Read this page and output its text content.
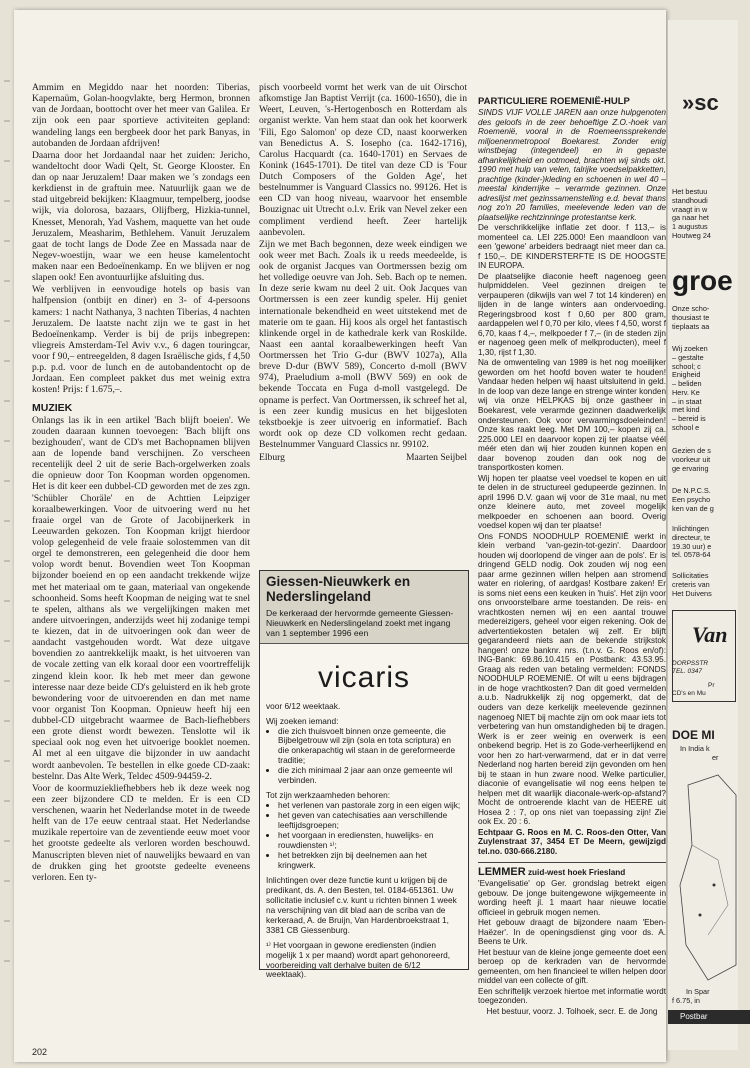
Ammim en Megiddo naar het noorden: Tiberias, Kapernaüm, Golan-hoogvlakte, berg Hermon, bronnen van de Jordaan, boottocht over het meer van Galilea. Er zijn ook een paar sportieve activiteiten gepland: wandeling langs een bergbeek door het park Banyas, in autobanden de Jordaan afdrijven!

Daarna door het Jordaandal naar het zuiden: Jericho, wandeltocht door Wadi Qelt, St. George Klooster. En dan op naar Jeruzalem! Daar maken we 's zondags een kerkdienst in de graftuin mee. Natuurlijk gaan we de stad uitgebreid bekijken: Klaagmuur, tempelberg, joodse wijk, via dolorosa, bazaars, Olijfberg, Hizkia-tunnel, Knesset, Menorah, Yad Vashem, maquette van het oude Jeruzalem, Measharim, Bethlehem. Vanuit Jeruzalem gaat de tocht langs de Dode Zee en Massada naar de Negev-woestijn, waar we een heuse kamelentocht maken naar een Bedoeïnenkamp. En we blijven er nog slapen ook! Een avontuurlijke afsluiting dus.

We verblijven in eenvoudige hotels op basis van halfpension (ontbijt en diner) en 3- of 4-persoons kamers: 1 nacht Nathanya, 3 nachten Tiberias, 4 nachten Jeruzalem. De laatste nacht zijn we te gast in het Bedoeïnenkamp. Verder is bij de prijs inbegrepen: vliegreis Amsterdam-Tel Aviv v.v., 6 dagen touringcar, voor f 90,– entreegelden, 8 dagen Israëlische gids, f 4,50 p.p. p.d. voor de lunch en de autobandentocht op de Jordaan. Een compleet pakket dus met weinig extra kosten! Prijs: f 1.675,–.

MUZIEK

Onlangs las ik in een artikel 'Bach blijft boeien'. We zouden daaraan kunnen toevoegen: 'Bach blijft ons bezighouden', want de CD's met Bachopnamen blijven aan de lopende band verschijnen. Zo verscheen recentelijk deel 2 uit de serie Bach-orgelwerken zoals die opnieuw door Ton Koopman worden opgenomen. Het is dit keer een dubbel-CD geworden met de zes zgn. 'Schübler Choräle' en de Achttien Leipziger koraalbewerkingen. Voor de uitvoering werd nu het fraaie orgel van de Grote of Jacobijnerkerk in Leeuwarden gekozen. Ton Koopman krijgt hierdoor volop gelegenheid de vele fraaie solostemmen van dit orgel te demonstreren, een gelegenheid die door hem volop wordt benut. Bovendien weet Ton Koopman bijzonder boeiend en op een aandacht trekkende wijze met het materiaal om te gaan, materiaal van ongekende schoonheid. Soms heeft Koopman de neiging wat te snel te spelen, althans als we vergelijkingen maken met andere uitvoeringen, anderzijds weet hij zodanige tempi te kiezen, dat in de uitvoeringen ook dan weer de aandacht vastgehouden wordt. Wat deze uitgave bovendien zo aantrekkelijk maakt, is het uitvoeren van de vocale zetting van elk koraal door een voortreffelijk zingend klein koor. Ik heb met meer dan gewone interesse naar deze beide CD's geluisterd en ik heb grote bewondering voor de uitvoerenden en dan met name voor organist Ton Koopman. Opnieuw heeft hij een dubbel-CD uitgebracht waarmee de Bach-liefhebbers een grote dienst wordt bewezen. Tenslotte wil ik speciaal ook nog even het uitvoerige booklet noemen. Al met al een uitgave die bijzonder in uw aandacht wordt aanbevolen. Te bestellen in elke goede CD-zaak: bestelnr. Das Alte Werk, Teldec 4509-94459-2.

Voor de koormuziekliefhebbers heb ik deze week nog een zeer bijzondere CD te melden. Er is een CD verschenen, waarin het Nederlandse motet in de tweede helft van de 17e eeuw centraal staat. Het Nederlandse muzikale repertoire van de zeventiende eeuw moet voor het grootste gedeelte als verloren worden beschouwd. Manuscripten bleven niet of nauwelijks bewaard en van de drukken ging het grootste gedeelte eveneens verloren. Een ty-

pisch voorbeeld vormt het werk van de uit Oirschot afkomstige Jan Baptist Verrijt (ca. 1600-1650), die in Weert, Leuven, 's-Hertogenbosch en Rotterdam als organist werkte. Van hem staat dan ook het koorwerk 'Fili, Ego Salomon' op deze CD, naast koorwerken van Benedictus A. S. Iosepho (ca. 1642-1716), Carolus Hacquardt (ca. 1640-1701) en Servaes de Konink (1645-1701). De titel van deze CD is 'Four Dutch Composers of the Golden Age', het bestelnummer is Vanguard Classics no. 99126. Het is een CD van hoog niveau, waarvoor het ensemble Bouzignac uit Utrecht o.l.v. Erik van Nevel zeker een compliment verdiend heeft. Zeer hartelijk aanbevolen.

Zijn we met Bach begonnen, deze week eindigen we ook weer met Bach. Zoals ik u reeds meedeelde, is ook de organist Jacques van Oortmerssen bezig om het volledige oeuvre van Joh. Seb. Bach op te nemen. In deze serie kwam nu deel 2 uit. Ook Jacques van Oortmerssen is een zeer kundig speler. Hij geniet internationale bekendheid en weet uitstekend met de materie om te gaan. Hij koos als orgel het fantastisch klinkende orgel in de kathedrale kerk van Roskilde. Naast een aantal koraalbewerkingen heeft Van Oortmerssen het Trio G-dur (BWV 1027a), Alla breve D-dur (BWV 589), Concerto d-moll (BWV 974), Praeludium a-moll (BWV 569) en ook de bekende Toccata en Fuga d-moll vastgelegd. De opname is perfect. Van Oortmerssen, ik schreef het al, is een zeer kundig musicus en het bijgesloten tekstboekje is zeer uitvoerig en informatief. Bach wordt ook op deze CD volkomen recht gedaan. Bestelnummer Vanguard Classics nr. 99102.

Elburg	Maarten Seijbel
Giessen-Nieuwkerk en Nederslingeland
De kerkeraad der hervormde gemeente Giessen-Nieuwkerk en Nederslingeland zoekt met ingang van 1 september 1996 een
vicaris
voor 6/12 weektaak.
Wij zoeken iemand:
• die zich thuisvoelt binnen onze gemeente, die Bijbelgetrouw wil zijn (sola en tota scriptura) en die onkerapachtig wil staan in de gereformeerde traditie;
• die zich minimaal 2 jaar aan onze gemeente wil verbinden.
Tot zijn werkzaamheden behoren:
• het verlenen van pastorale zorg in een eigen wijk;
• het geven van catechisaties aan verschillende leeftijdsgroepen;
• het voorgaan in erediensten, huwelijks- en rouwdiensten ¹⁾;
• het betrekken zijn bij deelnemen aan het kringwerk.
Inlichtingen over deze functie kunt u krijgen bij de predikant, ds. A. den Besten, tel. 0184-651361. Uw sollicitatie inclusief c.v. kunt u richten binnen 1 week na verschijning van dit blad aan de scriba van de kerkeraad, A. de Bruijn, Van Hardenbroekstraat 1, 3381 CB Giessenburg.
¹⁾ Het voorgaan in gewone erediensten (indien mogelijk 1 x per maand) wordt apart gehonoreerd, voorbereiding valt derhalve buiten de 6/12 weektaak).
PARTICULIERE ROEMENIË-HULP

SINDS VIJF VOLLE JAREN aan onze hulpgenoten des geloofs in de zeer behoeftige Z.O.-hoek van Roemenië, vooral in de Roemeenssprekende miljoenenmetropool Boekarest. Zonder enig winstbejag (integendeel) en in gepaste afhankelijkheid en ootmoed, brachten wij sinds okt. 1990 met hulp van velen, talrijke voedselpakketten, prachtige (kinder-)kleding en schoenen in wel 40 – meestal kinderrijke – verarmde gezinnen. Onze adreslijst met gezinssamenstelling e.d. bevat thans nog zo'n 20 families, meelevende leden van de plaatselijke rechtzinninge protestantse kerk.

De verschrikkelijke inflatie zet door. f 113,– is momenteel ca. LEI 225.000! Een maandloon van een 'gewone' arbeiders bedraagt niet meer dan ca. f 150,–. DE KINDERSTERFTE IS DE HOOGSTE IN EUROPA.

De plaatselijke diaconie heeft nagenoeg geen hulpmiddelen. Veel gezinnen dreigen te verpauperen (dikwijls van wel 7 tot 14 kinderen) en lijden in de lange winters aan ondervoeding. Regeringsbrood kost f 0,60 per 800 gram, aardappelen wel f 0,70 per kilo, vlees f 4,50, worst f 6,70, kaas f 4,–, melkpoeder f 7,– (in de steden zijn er nagenoeg geen melk of melkproducten), meel f 1,30, rijst f 1,30.

Na de omwenteling van 1989 is het nog moeilijker geworden om het hoofd boven water te houden! Vandaar heden helpen wij haast uitsluitend in geld. In de loop van deze lange en strenge winter konden wij via onze HELPKAS bij onze gastheer in Boekarest, vele verarmde gezinnen daadwerkelijk ondersteunen. Ook voor verwarmingsdoeleinden! Onze kas raakt leeg. Met DM 100,– kopen zij ca. 225.000 LEI en daarvoor kopen zij ter plaatse véél méér eten dan wij hier zouden kunnen kopen en daar bovenop zouden dan ook nog de transportkosten komen.

Wij hopen ter plaatse veel voedsel te kopen en uit te delen in de structureel gedupeerde gezinnen. In april 1996 D.V. gaan wij voor de 31e maal, nu met onze kleinere auto, met zoveel mogelijk melkpoeder en schoenen aan boord. Overig voedsel kopen wij dan ter plaatse!

Ons FONDS NOODHULP ROEMENIË werkt in klein verband 'van-gezin-tot-gezin'. Daardoor houden wij doorlopend de vinger aan de pols'. Er is dringend GELD nodig. Ook zouden wij nog een paar arme gezinnen willen helpen aan stromend water en riolering, of aardgas! Kostbare zaken! Er is soms niet eens een keuken in 'huis'. Het zijn voor ons onvoorstelbare arme toestanden. De reis- en vrachtkosten nemen wij en een aantal trouwe medereizigers, geheel voor eigen rekening. Ook de advertentiekosten betalen wij zelf. Er blijft gegarandeerd niets aan de bekende strijkstok hangen! onze banknr. nrs. (t.n.v. G. Roos en/of): ING-Bank: 69.86.10.415 en Postbank: 43.53.95. Graag als reden van betaling vermelden: FONDS NOODHULP ROEMENIË. Of wilt u eens bijdragen in de hoge vrachtkosten? Dan dit goed vermelden a.u.b. Nadrukkelijk zij nog opgemerkt, dat de ouders van deze kerkelijk meelevende gezinnen nagenoeg NIET bij machte zijn om ook maar iets tot verbetering van hun omstandigheden bij te dragen. Werk is er zeer weinig en overwerk is een onbekend begrip. Het is zo Gode-verheerlijkend en voor hen zo hart-verwarmend, dat er in dat verre Nederland nog harten bereid zijn gevonden om hen bij te staan in hun zware nood. Welke particulier, diaconie of evangelisatie wil nog eens helpen te helpen met dit waarlijk diaconale-werk-op-afstand? Mocht de ontroerende klacht van de HEERE uit Hosea 2 : 7, op ons niet van toepassing zijn! Zie ook Ex. 20 : 6.

Echtpaar G. Roos en M. C. Roos-den Otter, Van Zuylenstraat 37, 3454 ET De Meern, gewijzigd tel.no. 030-666.2180.

LEMMER zuid-west hoek Friesland

'Evangelisatie' op Ger. grondslag betrekt eigen gebouw. De jonge buitengewone wijkgemeente in wording heeft jl. 1 maart haar nieuwe locatie officieel in gebruik mogen nemen.

Het gebouw draagt de bijzondere naam 'Eben-Haëzer'. In de openingsdienst ging voor ds. A. Beens te Urk.

Het bestuur van de kleine jonge gemeente doet een beroep op de kerkraden van de hervormde gemeenten, om hen financieel te willen helpen door middel van een collecte of gift.

Een schriftelijk verzoek hiertoe met informatie wordt toegezonden.

Het bestuur, voorz. J. Tolhoek, secr. E. de Jong

202
»sc
Het bestuu
standhoudi
vraagt in w
ga naar het
1 augustus
Houtweg 24
groe
Onze scho-
thousiast te
tieplaats aa
Wij zoeken
– gestalte
school; c
Enigheid
– beliden
Herv. Ke
– in staat
met kind
– bereid is
school e
Gezien de s
voorkeur uit
ge ervaring
De N.P.C.S.
Een psycho
ken van de g
Inlichtingen
directeur, te
19.30 uur) e
tel. 0578-64
Sollicitaties
creteris van
Het Duivens
Van
DORPSSTR
TEL. 0347
Pr
CD's en Mu
DOE MI
In India k
er
In Spar
f 6.75, in
Postbar
